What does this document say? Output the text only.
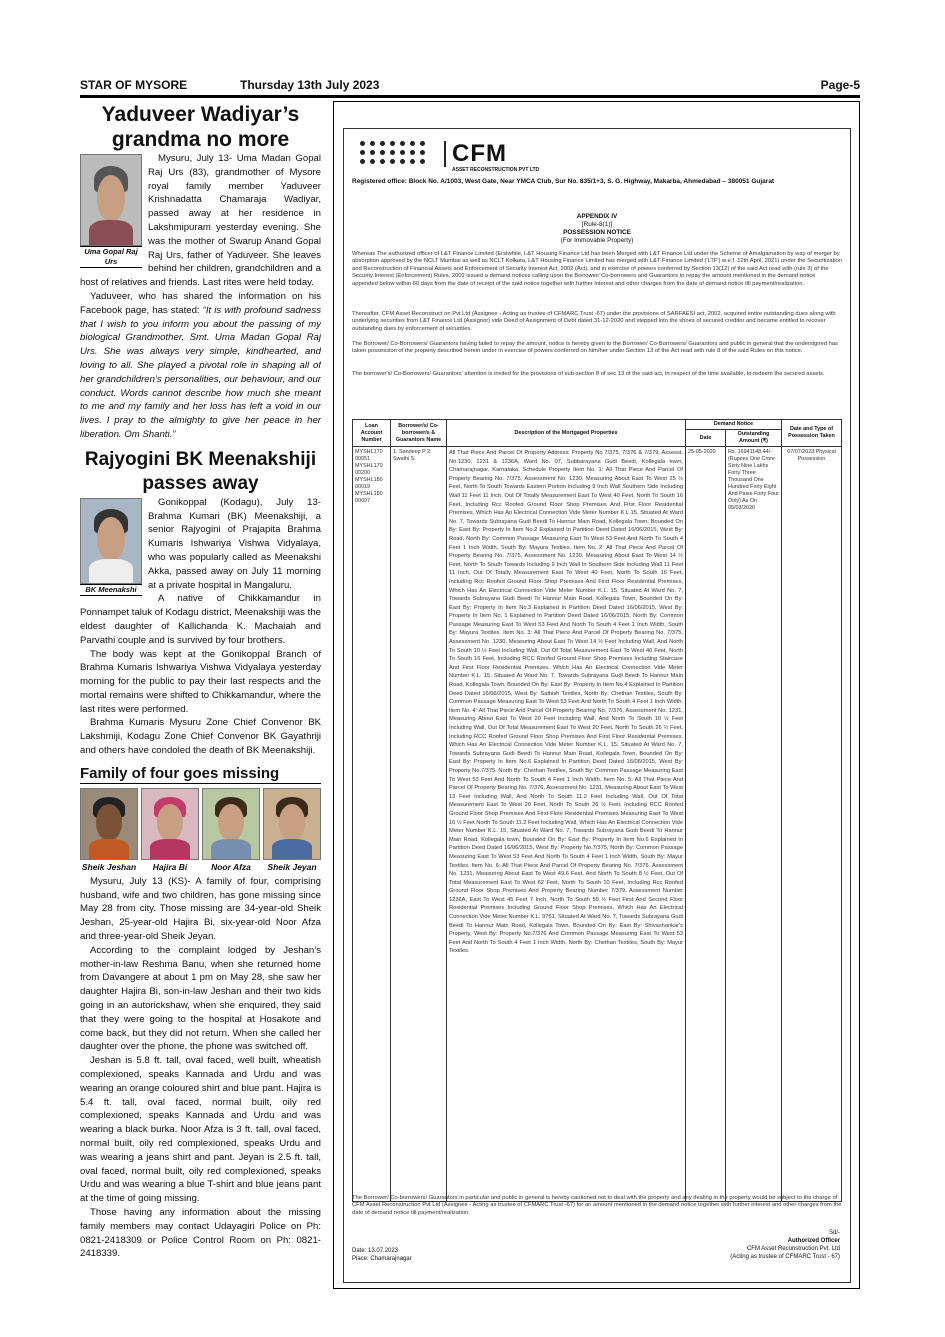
STAR OF MYSORE	Thursday 13th July 2023	Page-5
Yaduveer Wadiyar’s grandma no more
Uma Gopal Raj Urs

Mysuru, July 13- Uma Madan Gopal Raj Urs (83), grandmother of Mysore royal family member Yaduveer Krishnadatta Chamaraja Wadiyar, passed away at her residence in Lakshmipuram yesterday evening. She was the mother of Swarup Anand Gopal Raj Urs, father of Yaduveer. She leaves behind her children, grandchildren and a host of relatives and friends. Last rites were held today.

Yaduveer, who has shared the information on his Facebook page, has stated: “It is with profound sadness that I wish to you inform you about the passing of my biological Grandmother, Smt. Uma Madan Gopal Raj Urs. She was always very simple, kindhearted, and loving to all. She played a pivotal role in shaping all of her grandchildren’s personalities, our behaviour, and our conduct. Words cannot describe how much she meant to me and my family and her loss has left a void in our lives. I pray to the almighty to give her peace in her liberation. Om Shanti.”

Rajyogini BK Meenakshiji passes away
BK Meenakshi

Gonikoppal (Kodagu), July 13- Brahma Kumari (BK) Meenakshiji, a senior Rajyogini of Prajapita Brahma Kumaris Ishwariya Vishwa Vidyalaya, who was popularly called as Meenakshi Akka, passed away on July 11 morning at a private hospital in Mangaluru.

A native of Chikkamandur in Ponnampet taluk of Kodagu district, Meenakshiji was the eldest daughter of Kallichanda K. Machaiah and Parvathi couple and is survived by four brothers.

The body was kept at the Gonikoppal Branch of Brahma Kumaris Ishwariya Vishwa Vidyalaya yesterday morning for the public to pay their last respects and the mortal remains were shifted to Chikkamandur, where the last rites were performed.

Brahma Kumaris Mysuru Zone Chief Convenor BK Lakshmiji, Kodagu Zone Chief Convenor BK Gayathriji and others have condoled the death of BK Meenakshiji.

Family of four goes missing
Sheik Jeshan	Hajira Bi	Noor Afza	Sheik Jeyan

Mysuru, July 13 (KS)- A family of four, comprising husband, wife and two children, has gone missing since May 28 from city. Those missing are 34-year-old Sheik Jeshan, 25-year-old Hajira Bi, six-year-old Noor Afza and three-year-old Sheik Jeyan.

According to the complaint lodged by Jeshan’s mother-in-law Reshma Banu, when she returned home from Davangere at about 1 pm on May 28, she saw her daughter Hajira Bi, son-in-law Jeshan and their two kids going in an autorickshaw, when she enquired, they said that they were going to the hospital at Hosakote and come back, but they did not return. When she called her daughter over the phone, the phone was switched off.

Jeshan is 5.8 ft. tall, oval faced, well built, wheatish complexioned, speaks Kannada and Urdu and was wearing an orange coloured shirt and blue pant. Hajira is 5.4 ft. tall, oval faced, normal built, oily red complexioned, speaks Kannada and Urdu and was wearing a black burka. Noor Afza is 3 ft. tall, oval faced, normal built, oily red complexioned, speaks Urdu and was wearing a jeans shirt and pant. Jeyan is 2.5 ft. tall, oval faced, normal built, oily red complexioned, speaks Urdu and was wearing a blue T-shirt and blue jeans pant at the time of going missing.

Those having any information about the missing family members may contact Udayagiri Police on Ph: 0821-2418309 or Police Control Room on Ph: 0821-2418339.

CFM
ASSET RECONSTRUCTION PVT LTD
Registered office: Block No. A/1003, West Gate, Near YMCA Club, Sur No. 835/1+3, S. G. Highway, Makarba, Ahmedabad – 380051 Gujarat
APPENDIX IV
[Rule-8(1)]
POSSESSION NOTICE
(For Immovable Property)
Whereas The authorized officer of L&T Finance Limited (Erstwhile, L&T Housing Finance Ltd has been Merged with L&T Finance Ltd under the Scheme of Amalgamation by way of merger by absorption approved by the NCLT Mumbai as well as NCLT Kolkata, L&T Housing Finance Limited has merged with L&T Finance Limited ('LTF') w.e.f. 12th April, 2021) under the Securitization and Reconstruction of Financial Assets and Enforcement of Security Interest Act, 2002 (Act), and in exercise of powers conferred by Section 13(12) of the said Act read with (rule 3) of the Security Interest (Enforcement) Rules, 2002 issued a demand notices calling upon the Borrower/ Co-borrowers and Guarantors to repay the amount mentioned in the demand notice appended below within 60 days from the date of receipt of the said notice together with further interest and other charges from the date of demand notice till payment/realization.
Thereafter, CFM Asset Reconstruct on Pvt Ltd (Assignee - Acting as trustee of CFMARC Trust -67) under the provisions of SARFAESI act, 2002, acquired entire outstanding dues along with underlying securities from L&T Finance Ltd (Assignor) vide Deed of Assignment of Debt dated 31-12-2020 and stepped into the shoes of secured creditor and became entitled to recover outstanding dues by enforcement of securities.
The Borrower/ Co-Borrowers/ Guarantors having failed to repay the amount, notice is hereby given to the Borrower/ Co-Borrowers/ Guarantors and public in general that the undersigned has taken possession of the property described herein under in exercise of powers conferred on him/her under Section 13 of the Act read with rule 8 of the said Rules on this notice.
The borrower's/ Co-Borrowers/ Guarantors' attention is invited for the provisions of sub-section 8 of sec 13 of the said act, in respect of the time available, to redeem the secured assets.
Loan Account Number	Borrower/s/ Co-borrower/s & Guarantors Name	Description of the Mortgaged Properties	Demand Notice		Date and Type of Possession Taken
			Date	Outstanding Amount (₹)	
MYSHL170 00051 MYSHL170 00200 MYSHL180 00019 MYSHL180 00097	1. Sandeep P 2. Swathi S	All That Piece And Parcel Of Property Address: Property No 7/375, 7/376 & 7/379, Assesst. No.1230, 1231 & 1236A, Ward No. 07, Subbarayana Gudi Beedi, Kollegala town, Chamarajnagar, Karnataka. Schedule Property Item No. 1: All That Piece And Parcel Of Property Bearing No. 7/375, Assessment No. 1230, Measuring About East To West 25 ½ Feet, North To South Towards Eastern Portion Including 9 Inch Wall Southern Side Including Wall 11 Feet 11 Inch, Out Of Totally Measurement East To West 40 Feet, North To South 16 Feet, Including Rcc Roofed Ground Floor Shop Premises And First Floor Residential Premises, Which Has An Electrical Connection Vide Meter Number K.L 15, Situated At Ward No. 7, Towards Subrayana Gudi Beedi To Hannur Main Road, Kollegala Town, Bounded On By: East By: Property In Item No.2 Explained In Partition Deed Dated 16/06/2015, West By: Road, North By: Common Passage Measuring East To West 53 Feet And North To South 4 Feet 1 Inch Width, South By: Mayura Textiles. Item No. 2: All That Piece And Parcel Of Property Bearing No. 7/375, Assessment No. 1230, Measuring About East To West 14 ½ Feet, North To South Towards Including 9 Inch Wall In Southern Side Including Wall 11 Feet 11 Inch, Out Of Totally Measurement East To West 40 Feet, North To South 16 Feet, Including Rcc Roofed Ground Floor Shop Premises And First Floor Residential Premises, Which Has An Electrical Connection Vide Meter Number K.L. 15, Situated At Ward No. 7, Towards Subrayana Gudi Beedi To Hannur Main Road, Kollegala Town, Bounded On By: East By: Property In Item No.3 Explained In Partition Deed Dated 16/06/2015, West By: Property In Item No. 1 Explained In Partition Deed Dated 16/06/2015, North By: Common Passage Measuring East To West 53 Feet And North To South 4 Feet 1 Inch Width, South By: Mayura Textiles. Item No. 3: All That Piece And Parcel Of Property Bearing No. 7/375, Assessment No. 1230, Measuring About East To West 14 ½ Feet Including Wall, And North To South 10 ½ Feet Including Wall, Out Of Total Measurement East To West 40 Feet, North To South 16 Feet, Including RCC Roofed Ground Floor Shop Premises Including Staircase And First Floor Residential Premises, Which Has An Electrical Connection Vide Meter Number K.L. 15, Situated At Ward No. 7, Towards Subrayana Gudi Beedi To Hannur Main Road, Kollegala Town, Bounded On By: East By: Property In Item No.4 Explained In Partition Deed Dated 16/06/2015, West By: Sathish Textiles, North By: Chethan Textiles, South By: Common Passage Measuring East To West 53 Feet And North To South 4 Feet 1 Inch Width. Item No. 4: All That Piece And Parcel Of Property Bearing No. 7/376, Assessment No. 1231, Measuring About East To West 20 Feet Including Wall, And North To South 10 ½ Feet Including Wall, Out Of Total Measurement East To West 20 Feet, North To South 26 ½ Feet, Including RCC Roofed Ground Floor Shop Premises And First Floor Residential Premises, Which Has An Electrical Connection Vide Meter Number K.L. 15, Situated At Ward No. 7, Towards Subrayana Gudi Beedi To Hannur Main Road, Kollegala Town, Bounded On By: East By: Property In Item No.6 Explained In Partition Deed Dated 16/06/2015, West By: Property No.7/375, North By: Chethan Textiles, South By: Common Passage Measuring East To West 53 Feet And North To South 4 Feet 1 Inch Width. Item No. 5: All That Piece And Parcel Of Property Bearing No. 7/376, Assessment No. 1231, Measuring About East To West 13 Feet Including Wall, And North To South 11.2 Feet Including Wall, Out Of Total Measurement East To West 20 Feet, North To South 26 ½ Feet, Including RCC Roofed Ground Floor Shop Premises And First Floor Residential Premises Measuring East To West 16 ½ Feet North To South 11.2 Feet Including Wall, Which Has An Electrical Connection Vide Meter Number K.L. 15, Situated At Ward No. 7, Towards Subrayana Gudi Beedi To Hannur Main Road, Kollegala town, Bounded On By: East By: Property In Item No.6 Explained In Partition Deed Dated 16/06/2015, West By: Property No.7/375, North By: Common Passage Measuring East To West 53 Feet And North To South 4 Feet 1 Inch Width, South By: Mayur Textiles. Item No. 6: All That Piece And Parcel Of Property Bearing No. 7/376, Assessment No. 1231, Measuring About East To West 49.6 Feet, And North To South 8 ½ Feet, Out Of Total Measurement East To West 62 Feet, North To South 10 Feet, Including Rcc Roofed Ground Floor Shop Premises And Property Bearing Number 7/379, Assessment Number 1236A, East To West 45 Feet 7 Inch, North To South 59 ½ Feet First And Second Floor Residential Premises Including Ground Floor Shop Premises, Which Has An Electrical Connection Vide Meter Number K.L. 9761, Situated At Ward No. 7, Towards Subrayana Gudi Beedi To Hannur Main Road, Kollegala Town, Bounded On By: East By: Shivashankar's Property, West By: Property No.7/376 And Common Passage Measuring East To West 53 Feet And North To South 4 Feet 1 Inch Width, North By: Chethan Textiles, South By: Mayur Textiles.	25-05-2020	Rs. 16941148.44/- (Rupees One Crore Sixty Nine Lakhs Forty Three Thousand One Hundred Forty Eight And Paise Forty Four Only) As On 05/03/2020	07/07/2023 Physical Possession
The Borrower/ Co-borrowers/ Guarantors in particular and public in general is hereby cautioned not to deal with the property and any dealing in the property would be subject to the charge of CFM Asset Reconstruction Pvt Ltd (Assignee - Acting as trustee of CFMARC Trust -67) for an amount mentioned in the demand notice together with further interest and other charges from the date of demand notice till payment/realization.
Sd/-
Authorized Officer
CFM Asset Reconstruction Pvt. Ltd
(Acting as trustee of CFMARC Trust - 67)
Date: 13.07.2023
Place: Chamarajnagar
